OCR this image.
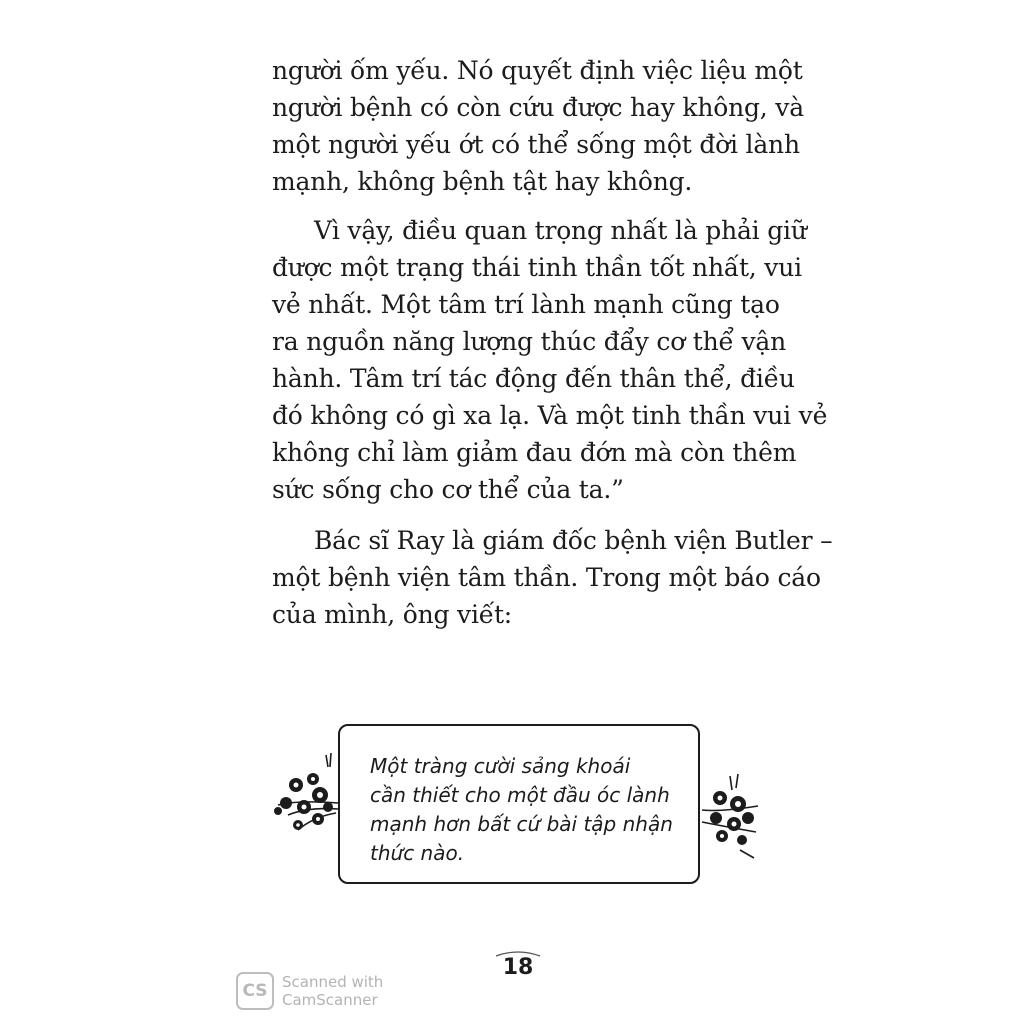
người ốm yếu. Nó quyết định việc liệu một
người bệnh có còn cứu được hay không, và
một người yếu ớt có thể sống một đời lành
mạnh, không bệnh tật hay không.

Vì vậy, điều quan trọng nhất là phải giữ
được một trạng thái tinh thần tốt nhất, vui
vẻ nhất. Một tâm trí lành mạnh cũng tạo
ra nguồn năng lượng thúc đẩy cơ thể vận
hành. Tâm trí tác động đến thân thể, điều
đó không có gì xa lạ. Và một tinh thần vui vẻ
không chỉ làm giảm đau đớn mà còn thêm
sức sống cho cơ thể của ta.”

Bác sĩ Ray là giám đốc bệnh viện Butler –
một bệnh viện tâm thần. Trong một báo cáo
của mình, ông viết:

Một tràng cười sảng khoái
cần thiết cho một đầu óc lành
mạnh hơn bất cứ bài tập nhận
thức nào.
18
CS Scanned with
CamScanner
